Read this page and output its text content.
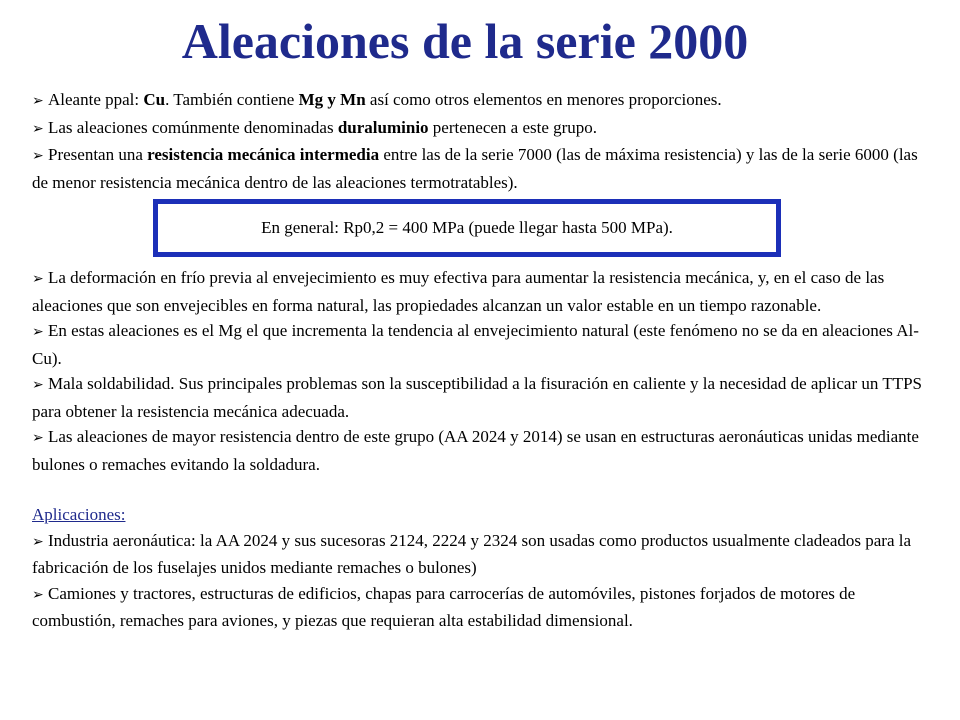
Aleaciones de la serie 2000
➢ Aleante ppal: Cu. También contiene Mg y Mn así como otros elementos en menores proporciones.
➢ Las aleaciones comúnmente denominadas duraluminio pertenecen a este grupo.
➢ Presentan una resistencia mecánica intermedia entre las de la serie 7000 (las de máxima resistencia) y las de la serie 6000 (las de menor resistencia mecánica dentro de las aleaciones termotratables).
En general: Rp0,2 = 400 MPa (puede llegar hasta 500 MPa).
➢ La deformación en frío previa al envejecimiento es muy efectiva para aumentar la resistencia mecánica, y, en el caso de las aleaciones que son envejecibles en forma natural, las propiedades alcanzan un valor estable en un tiempo razonable.
➢ En estas aleaciones es el Mg el que incrementa la tendencia al envejecimiento natural (este fenómeno no se da en aleaciones Al-Cu).
➢ Mala soldabilidad. Sus principales problemas son la susceptibilidad a la fisuración en caliente y la necesidad de aplicar un TTPS para obtener la resistencia mecánica adecuada.
➢ Las aleaciones de mayor resistencia dentro de este grupo (AA 2024 y 2014) se usan en estructuras aeronáuticas unidas mediante bulones o remaches evitando la soldadura.
Aplicaciones:
➢ Industria aeronáutica: la AA 2024 y sus sucesoras 2124, 2224 y 2324 son usadas como productos usualmente cladeados para la fabricación de los fuselajes unidos mediante remaches o bulones)
➢ Camiones y tractores, estructuras de edificios, chapas para carrocerías de automóviles, pistones forjados de motores de combustión, remaches para aviones, y piezas que requieran alta estabilidad dimensional.
